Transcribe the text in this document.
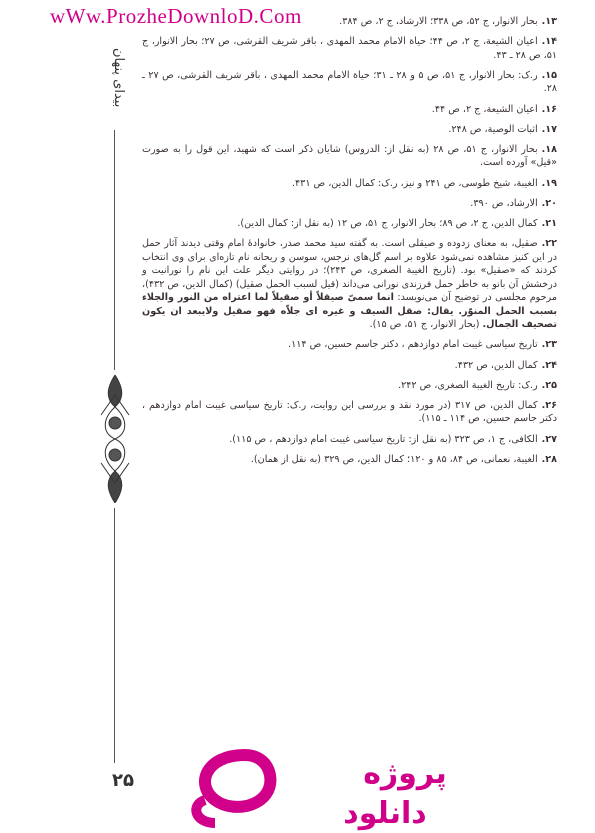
wWw.ProzheDownloD.Com
بیدای پنهان

۱۳.بحار الانوار، ج ۵۲، ص ۳۳۸؛ الارشاد، ج ۲، ص ۳۸۴.

۱۴.اعیان الشیعة، ج ۲، ص ۴۴؛ حیاة الامام محمد المهدی ، باقر شریف القرشی، ص ۲۷؛ بحار الانوار، ج ۵۱، ص ۲۸ ـ ۴۳.

۱۵.ر.ک: بحار الانوار، ج ۵۱، ص ۵ و ۲۸ ـ ۳۱؛ حیاة الامام محمد المهدی ، باقر شریف القرشی، ص ۲۷ ـ ۲۸.

۱۶.اعیان الشیعة، ج ۲، ص ۴۴.

۱۷.اثبات الوصیة، ص ۲۴۸.

۱۸.بحار الانوار، ج ۵۱، ص ۲۸ (به نقل از: الدروس) شایان ذکر است که شهید، این قول را به صورت «قیل» آورده است.

۱۹.الغیبة، شیخ طوسی، ص ۲۴۱ و نیز، ر.ک: کمال الدین، ص ۴۳۱.

۲۰.الارشاد، ص ۳۹۰.

۲۱.کمال الدین، ج ۲، ص ۸۹؛ بحار الانوار، ج ۵۱، ص ۱۲ (به نقل از: کمال الدین).

۲۲.صقیل، به معنای زدوده و صیقلی است. به گفته سید محمد صدر، خانوادهٔ امام وقتی دیدند آثار حمل در این کنیز مشاهده نمی‌شود علاوه بر اسم گل‌های نرجس، سوسن و ریحانه نام تازه‌ای برای وی انتخاب کردند که «صقیل» بود. (تاریخ الغیبة الصغری، ص ۲۴۳)؛ در روایتی دیگر علت این نام را نورانیت و درخشش آن بانو به خاطر حمل فرزندی نورانی می‌داند (قیل لسبب الحمل صقیل) (کمال الدین، ص ۴۳۲)، مرحوم مجلسی در توضیح آن می‌نویسد: انما سمیّ صیقلاً أو صقیلاً لما اعتراه من النور والجلاء بسبب الحمل المنوّر. یقال: صقل السیف و غیره ای جلاّه فهو صقیل ولایبعد ان یکون تصحیف الجمال. (بحار الانوار، ج ۵۱، ص ۱۵).

۲۳.تاریخ سیاسی غیبت امام دوازدهم ، دکتر جاسم حسین، ص ۱۱۴.

۲۴.کمال الدین، ص ۴۳۲.

۲۵.ر.ک: تاریخ الغیبة الصغری، ص ۲۴۲.

۲۶.کمال الدین، ص ۳۱۷ (در مورد نقد و بررسی این روایت، ر.ک: تاریخ سیاسی غیبت امام دوازدهم ، دکتر جاسم حسین، ص ۱۱۴ ـ ۱۱۵).

۲۷.الکافی، ج ۱، ص ۳۲۳ (به نقل از: تاریخ سیاسی غیبت امام دوازدهم ، ص ۱۱۵).

۲۸.الغیبة، نعمانی، ص ۸۴، ۸۵ و ۱۲۰؛ کمال الدین، ص ۳۲۹ (به نقل از همان).

۲۵	پروژه
دانلود
